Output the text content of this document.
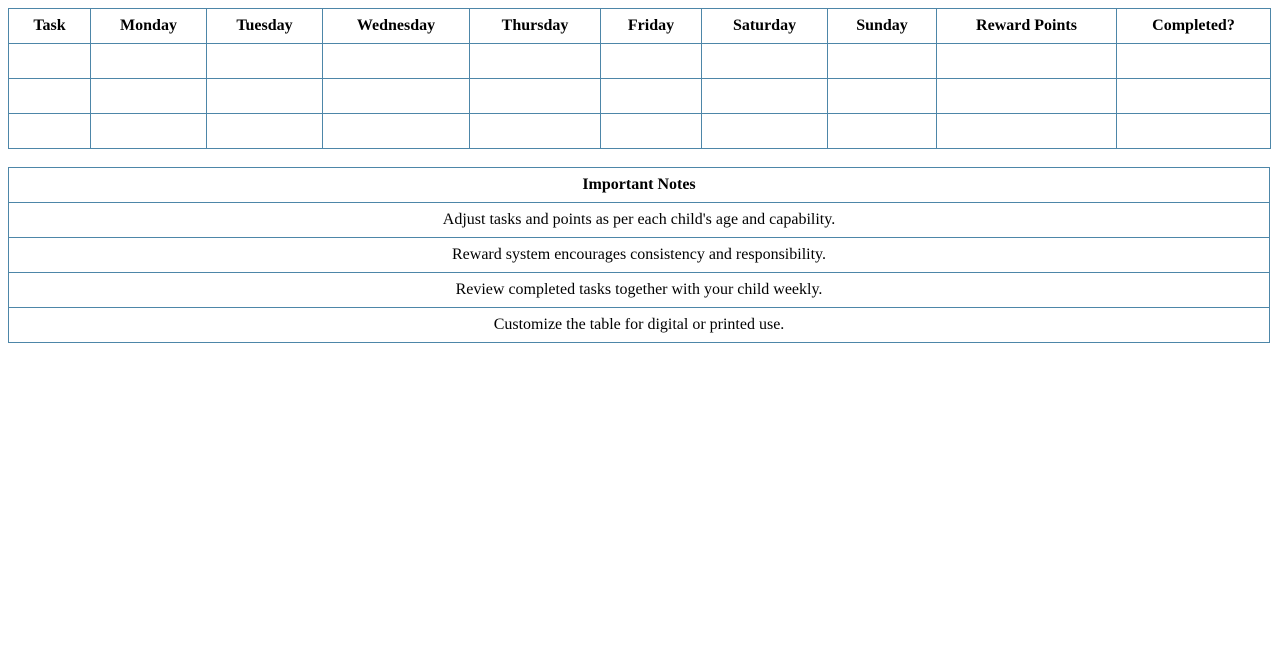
Task	Monday	Tuesday	Wednesday	Thursday	Friday	Saturday	Sunday	Reward Points	Completed?

Important Notes
Adjust tasks and points as per each child's age and capability.
Reward system encourages consistency and responsibility.
Review completed tasks together with your child weekly.
Customize the table for digital or printed use.
